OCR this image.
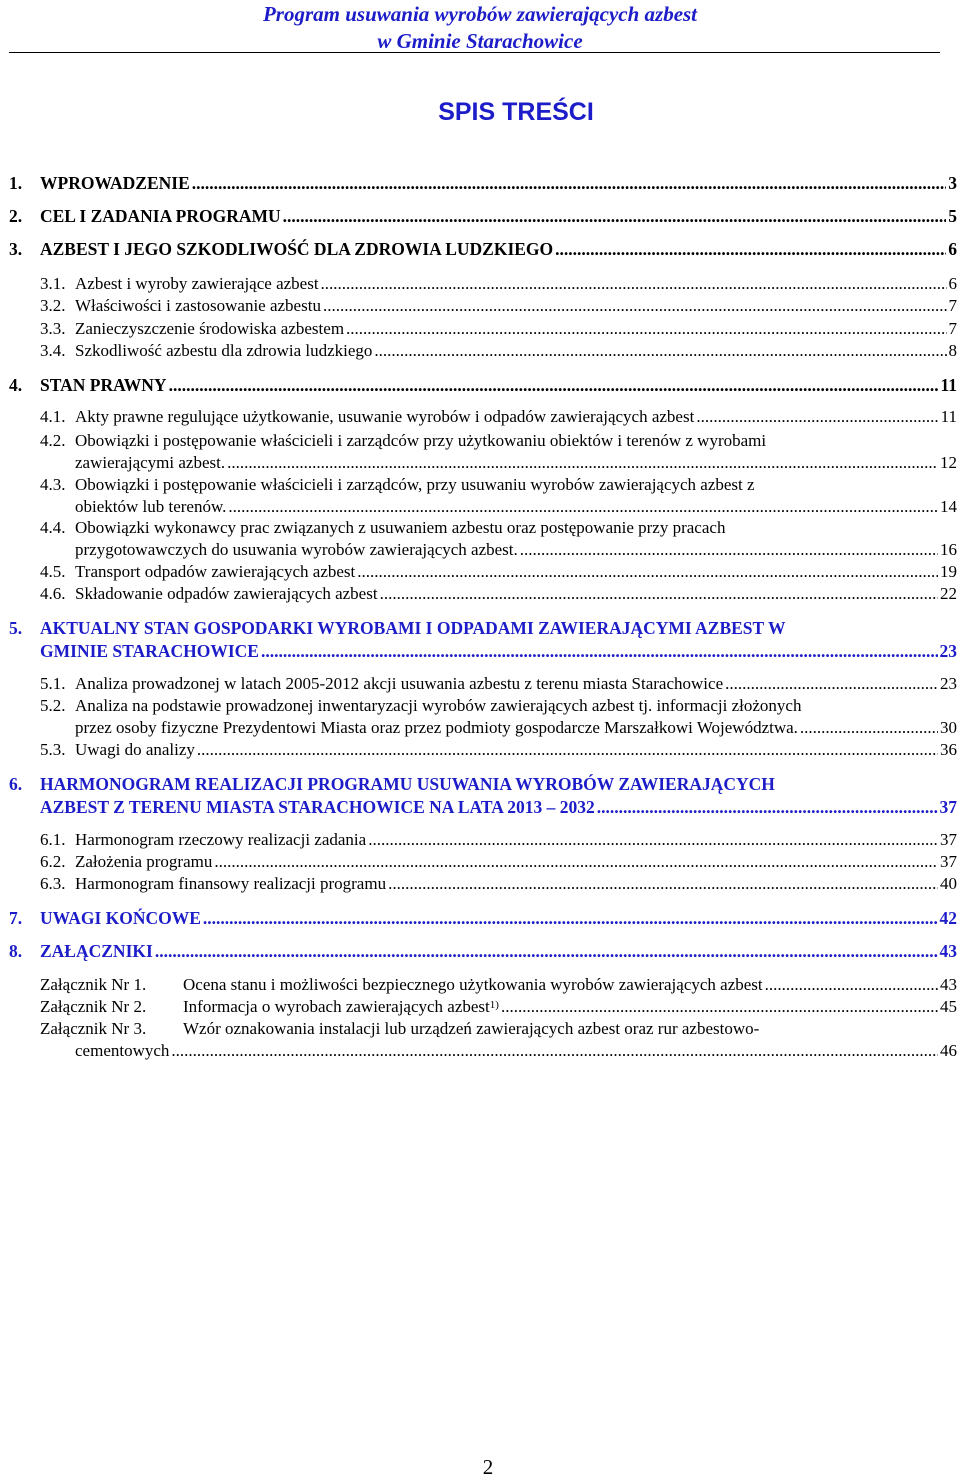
Program usuwania wyrobów zawierających azbest
w Gminie Starachowice
SPIS TREŚCI
1. WPROWADZENIE .....	3
2. CEL I ZADANIA PROGRAMU .....	5
3. AZBEST I JEGO SZKODLIWOŚĆ DLA ZDROWIA LUDZKIEGO .....	6
3.1. Azbest i wyroby zawierające azbest .....	6
3.2. Właściwości i zastosowanie azbestu .....	7
3.3. Zanieczyszczenie środowiska azbestem .....	7
3.4. Szkodliwość azbestu dla zdrowia ludzkiego .....	8
4. STAN PRAWNY .....	11
4.1. Akty prawne regulujące użytkowanie, usuwanie wyrobów i odpadów zawierających azbest .....	11
4.2. Obowiązki i postępowanie właścicieli i zarządców przy użytkowaniu obiektów i terenów z wyrobami
zawierającymi azbest. .....	12
4.3. Obowiązki i postępowanie właścicieli i zarządców, przy usuwaniu wyrobów zawierających azbest z
obiektów lub terenów. .....	14
4.4. Obowiązki wykonawcy prac związanych z usuwaniem azbestu oraz postępowanie przy pracach
przygotowawczych do usuwania wyrobów zawierających azbest. .....	16
4.5. Transport odpadów zawierających azbest .....	19
4.6. Składowanie odpadów zawierających azbest .....	22
5. AKTUALNY STAN GOSPODARKI WYROBAMI I ODPADAMI ZAWIERAJĄCYMI AZBEST W
GMINIE STARACHOWICE .....	23
5.1. Analiza prowadzonej w latach 2005-2012 akcji usuwania azbestu z terenu miasta Starachowice .....	23
5.2. Analiza na podstawie prowadzonej inwentaryzacji wyrobów zawierających azbest tj. informacji złożonych
przez osoby fizyczne Prezydentowi Miasta oraz przez podmioty gospodarcze Marszałkowi Województwa. .....	30
5.3. Uwagi do analizy .....	36
6. HARMONOGRAM REALIZACJI PROGRAMU USUWANIA WYROBÓW ZAWIERAJĄCYCH
AZBEST Z TERENU MIASTA STARACHOWICE NA LATA 2013 – 2032 .....	37
6.1. Harmonogram rzeczowy realizacji zadania .....	37
6.2. Założenia programu .....	37
6.3. Harmonogram finansowy realizacji programu .....	40
7. UWAGI KOŃCOWE .....	42
8. ZAŁĄCZNIKI .....	43
Załącznik Nr 1. Ocena stanu i możliwości bezpiecznego użytkowania wyrobów zawierających azbest .....	43
Załącznik Nr 2. Informacja o wyrobach zawierających azbest$^{1)}$ .....	45
Załącznik Nr 3. Wzór oznakowania instalacji lub urządzeń zawierających azbest oraz rur azbestowo-
cementowych .....	46
2
